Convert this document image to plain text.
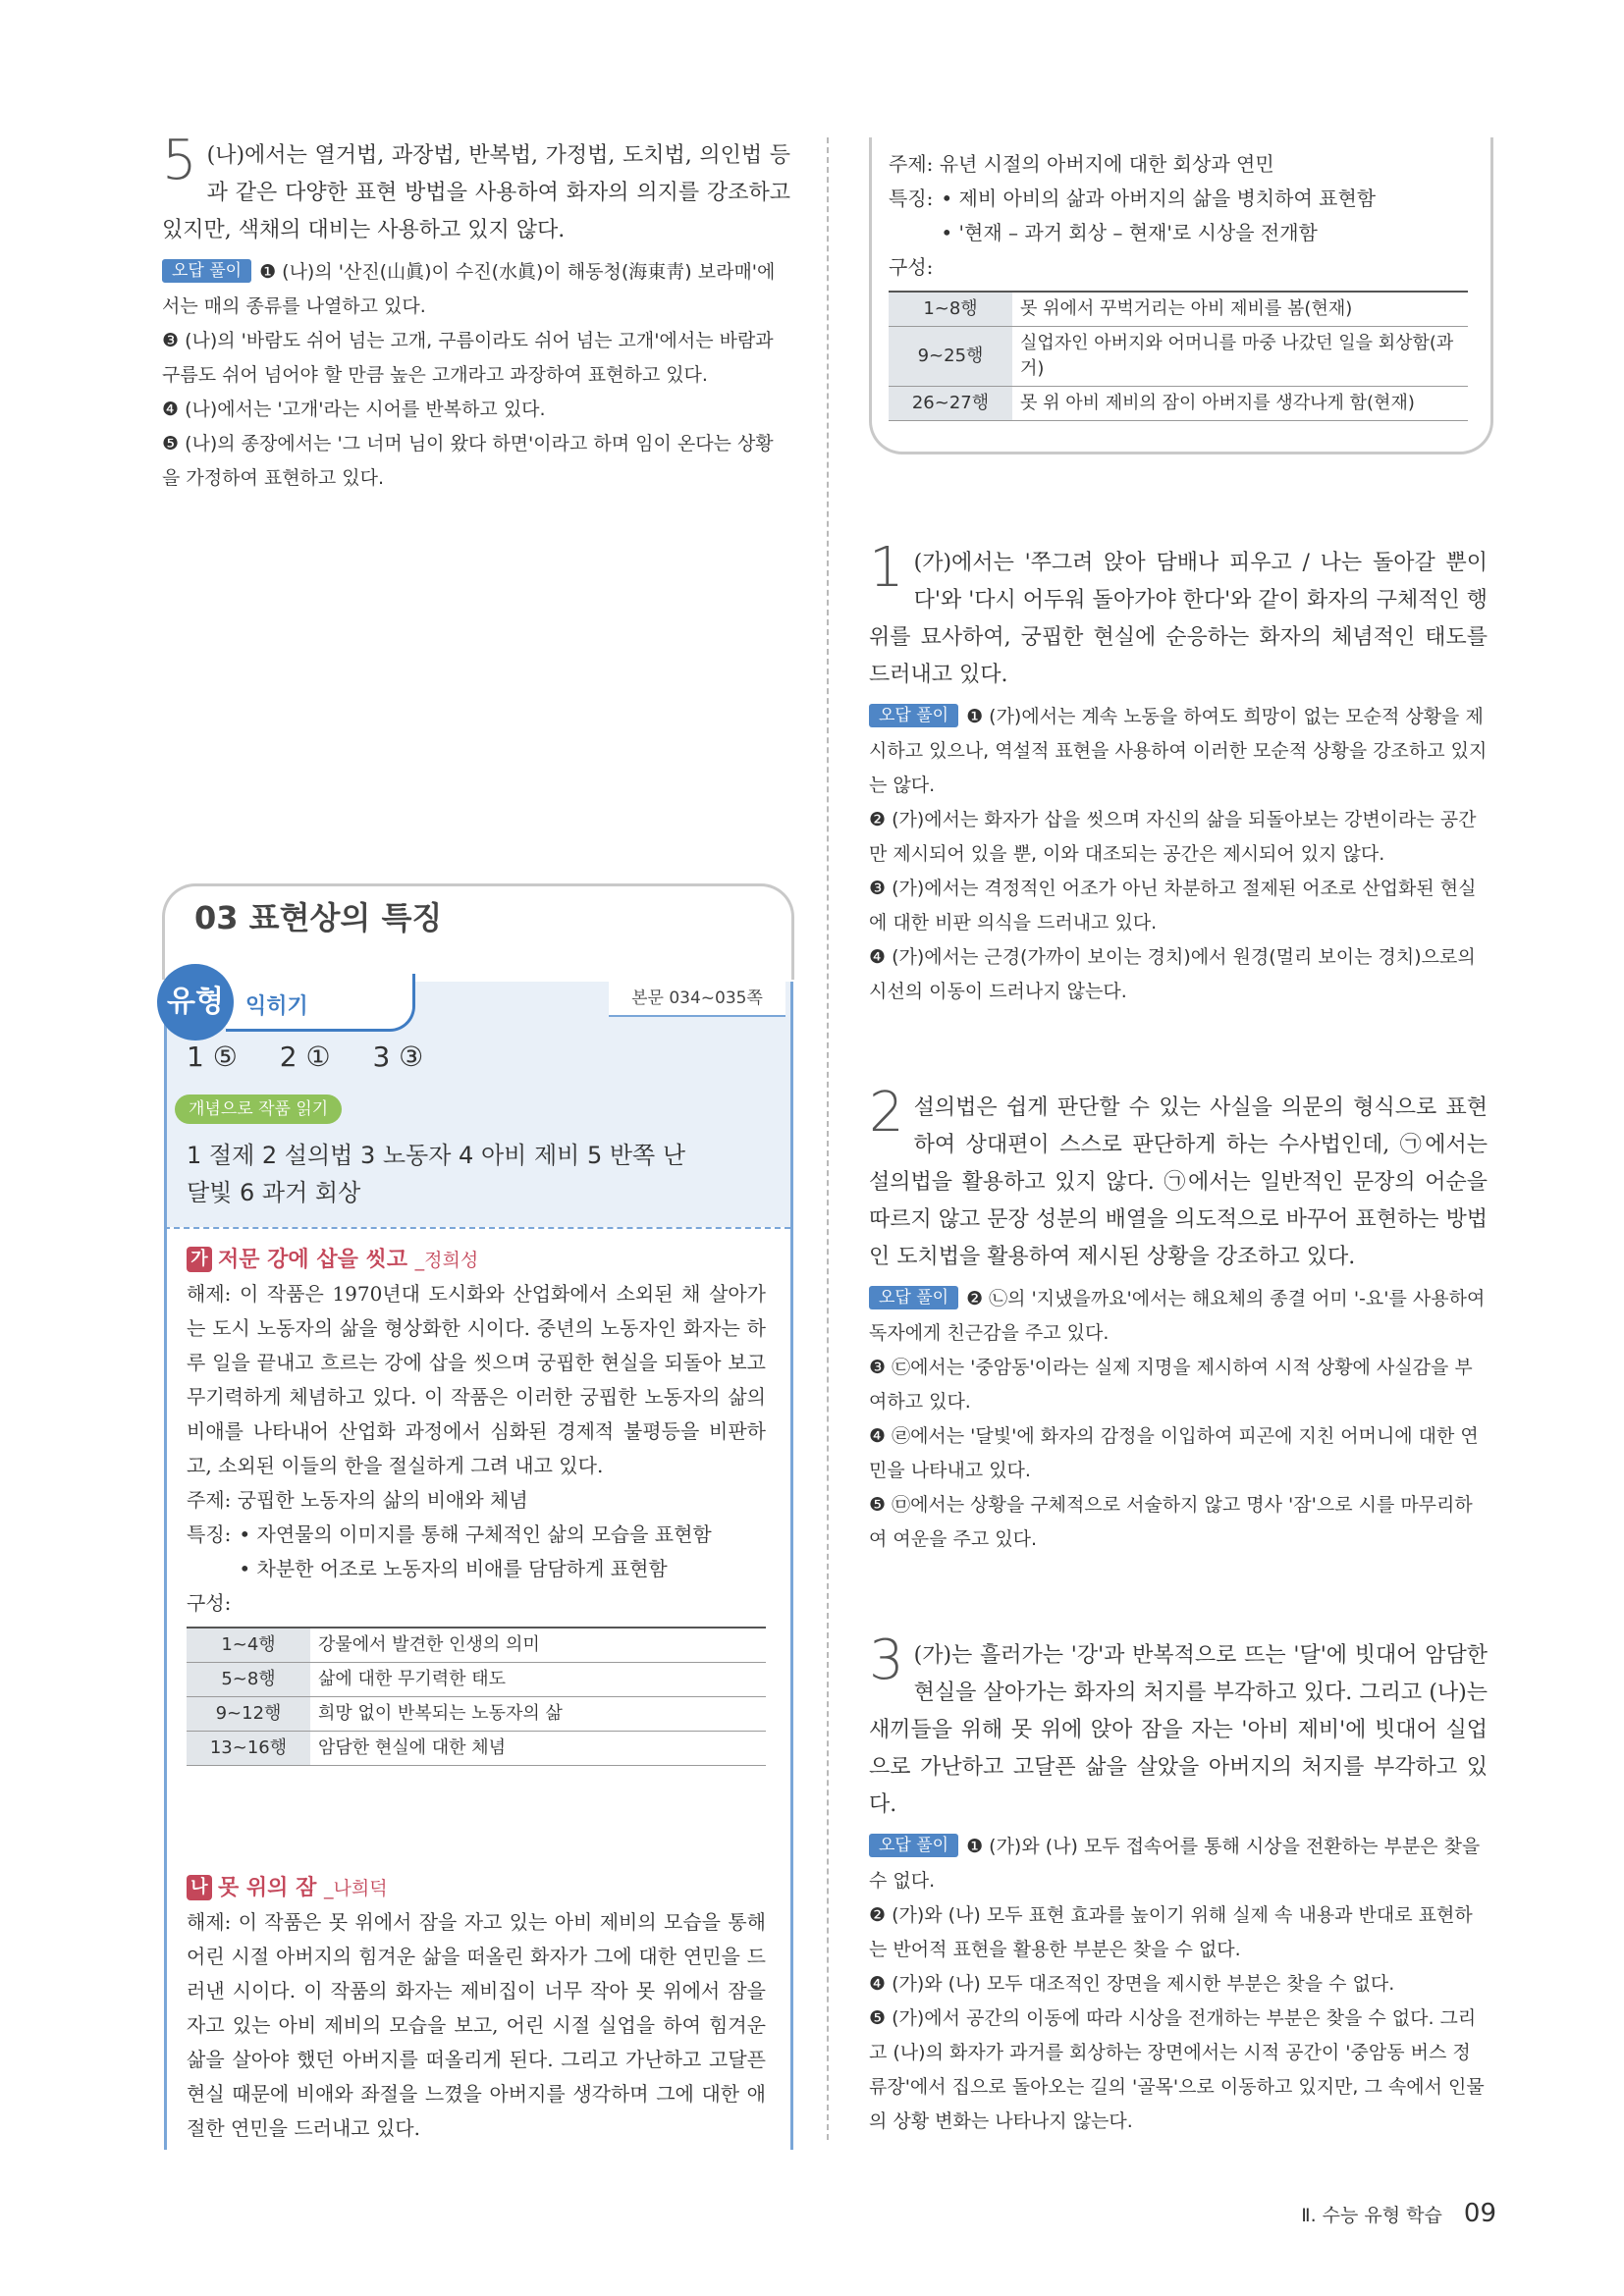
5 (나)에서는 열거법, 과장법, 반복법, 가정법, 도치법, 의인법 등과 같은 다양한 표현 방법을 사용하여 화자의 의지를 강조하고 있지만, 색채의 대비는 사용하고 있지 않다.

오답 풀이 ❶ (나)의 '산진(山眞)이 수진(水眞)이 해동청(海東靑) 보라매'에서는 매의 종류를 나열하고 있다.

❸ (나)의 '바람도 쉬어 넘는 고개, 구름이라도 쉬어 넘는 고개'에서는 바람과 구름도 쉬어 넘어야 할 만큼 높은 고개라고 과장하여 표현하고 있다.

❹ (나)에서는 '고개'라는 시어를 반복하고 있다.

❺ (나)의 종장에서는 '그 너머 님이 왔다 하면'이라고 하며 임이 온다는 상황을 가정하여 표현하고 있다.

03 표현상의 특징
유형	익히기	본문 034~035쪽
1 ⑤ 2 ① 3 ③
개념으로 작품 읽기
1 절제 2 설의법 3 노동자 4 아비 제비 5 반쪽 난
달빛 6 과거 회상
가 저문 강에 삽을 씻고 _정희성

해제: 이 작품은 1970년대 도시화와 산업화에서 소외된 채 살아가는 도시 노동자의 삶을 형상화한 시이다. 중년의 노동자인 화자는 하루 일을 끝내고 흐르는 강에 삽을 씻으며 궁핍한 현실을 되돌아 보고 무기력하게 체념하고 있다. 이 작품은 이러한 궁핍한 노동자의 삶의 비애를 나타내어 산업화 과정에서 심화된 경제적 불평등을 비판하고, 소외된 이들의 한을 절실하게 그려 내고 있다.

주제: 궁핍한 노동자의 삶의 비애와 체념

특징: • 자연물의 이미지를 통해 구체적인 삶의 모습을 표현함
• 차분한 어조로 노동자의 비애를 담담하게 표현함

구성:

1~4행	강물에서 발견한 인생의 의미
5~8행	삶에 대한 무기력한 태도
9~12행	희망 없이 반복되는 노동자의 삶
13~16행	암담한 현실에 대한 체념
나 못 위의 잠 _나희덕

해제: 이 작품은 못 위에서 잠을 자고 있는 아비 제비의 모습을 통해 어린 시절 아버지의 힘겨운 삶을 떠올린 화자가 그에 대한 연민을 드러낸 시이다. 이 작품의 화자는 제비집이 너무 작아 못 위에서 잠을 자고 있는 아비 제비의 모습을 보고, 어린 시절 실업을 하여 힘겨운 삶을 살아야 했던 아버지를 떠올리게 된다. 그리고 가난하고 고달픈 현실 때문에 비애와 좌절을 느꼈을 아버지를 생각하며 그에 대한 애절한 연민을 드러내고 있다.

주제: 유년 시절의 아버지에 대한 회상과 연민

특징: • 제비 아비의 삶과 아버지의 삶을 병치하여 표현함
• '현재 – 과거 회상 – 현재'로 시상을 전개함

구성:

1~8행	못 위에서 꾸벅거리는 아비 제비를 봄(현재)
9~25행	실업자인 아버지와 어머니를 마중 나갔던 일을 회상함(과거)
26~27행	못 위 아비 제비의 잠이 아버지를 생각나게 함(현재)
1 (가)에서는 '쭈그려 앉아 담배나 피우고 / 나는 돌아갈 뿐이다'와 '다시 어두워 돌아가야 한다'와 같이 화자의 구체적인 행위를 묘사하여, 궁핍한 현실에 순응하는 화자의 체념적인 태도를 드러내고 있다.

오답 풀이 ❶ (가)에서는 계속 노동을 하여도 희망이 없는 모순적 상황을 제시하고 있으나, 역설적 표현을 사용하여 이러한 모순적 상황을 강조하고 있지는 않다.

❷ (가)에서는 화자가 삽을 씻으며 자신의 삶을 되돌아보는 강변이라는 공간만 제시되어 있을 뿐, 이와 대조되는 공간은 제시되어 있지 않다.

❸ (가)에서는 격정적인 어조가 아닌 차분하고 절제된 어조로 산업화된 현실에 대한 비판 의식을 드러내고 있다.

❹ (가)에서는 근경(가까이 보이는 경치)에서 원경(멀리 보이는 경치)으로의 시선의 이동이 드러나지 않는다.

2 설의법은 쉽게 판단할 수 있는 사실을 의문의 형식으로 표현하여 상대편이 스스로 판단하게 하는 수사법인데, ㉠에서는 설의법을 활용하고 있지 않다. ㉠에서는 일반적인 문장의 어순을 따르지 않고 문장 성분의 배열을 의도적으로 바꾸어 표현하는 방법인 도치법을 활용하여 제시된 상황을 강조하고 있다.

오답 풀이 ❷ ㉡의 '지냈을까요'에서는 해요체의 종결 어미 '-요'를 사용하여 독자에게 친근감을 주고 있다.

❸ ㉢에서는 '중암동'이라는 실제 지명을 제시하여 시적 상황에 사실감을 부여하고 있다.

❹ ㉣에서는 '달빛'에 화자의 감정을 이입하여 피곤에 지친 어머니에 대한 연민을 나타내고 있다.

❺ ㉤에서는 상황을 구체적으로 서술하지 않고 명사 '잠'으로 시를 마무리하여 여운을 주고 있다.

3 (가)는 흘러가는 '강'과 반복적으로 뜨는 '달'에 빗대어 암담한 현실을 살아가는 화자의 처지를 부각하고 있다. 그리고 (나)는 새끼들을 위해 못 위에 앉아 잠을 자는 '아비 제비'에 빗대어 실업으로 가난하고 고달픈 삶을 살았을 아버지의 처지를 부각하고 있다.

오답 풀이 ❶ (가)와 (나) 모두 접속어를 통해 시상을 전환하는 부분은 찾을 수 없다.

❷ (가)와 (나) 모두 표현 효과를 높이기 위해 실제 속 내용과 반대로 표현하는 반어적 표현을 활용한 부분은 찾을 수 없다.

❹ (가)와 (나) 모두 대조적인 장면을 제시한 부분은 찾을 수 없다.

❺ (가)에서 공간의 이동에 따라 시상을 전개하는 부분은 찾을 수 없다. 그리고 (나)의 화자가 과거를 회상하는 장면에서는 시적 공간이 '중암동 버스 정류장'에서 집으로 돌아오는 길의 '골목'으로 이동하고 있지만, 그 속에서 인물의 상황 변화는 나타나지 않는다.

Ⅱ. 수능 유형 학습 09
